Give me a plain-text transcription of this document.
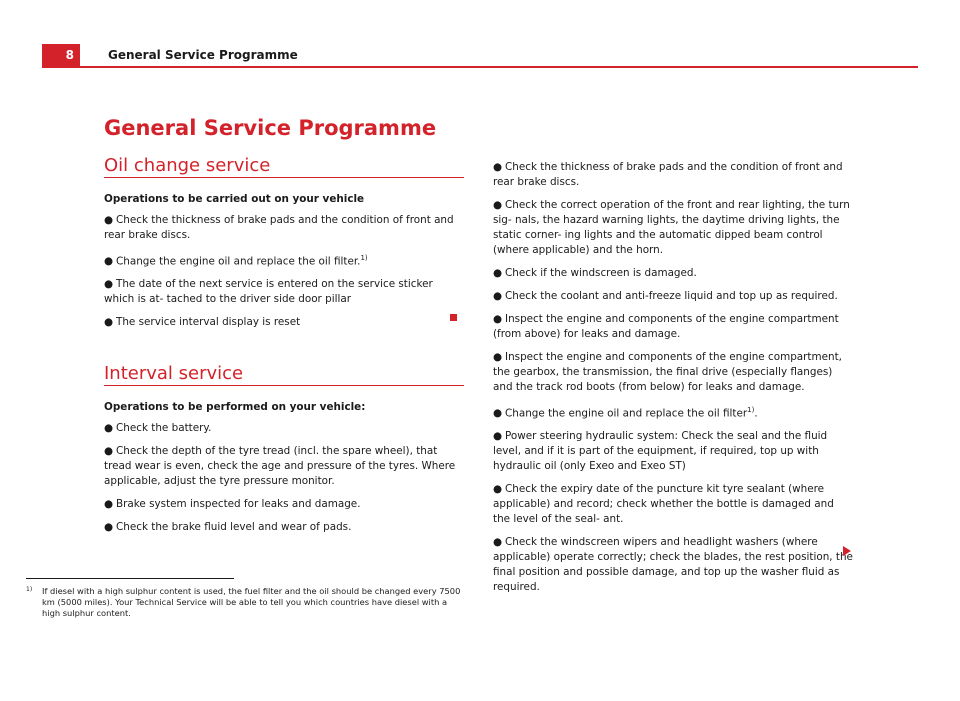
8	General Service Programme
General Service Programme
Oil change service
Operations to be carried out on your vehicle
● Check the thickness of brake pads and the condition of front and rear brake discs.
● Change the engine oil and replace the oil filter.$^{1)}$
● The date of the next service is entered on the service sticker which is at- tached to the driver side door pillar
● The service interval display is reset
Interval service
Operations to be performed on your vehicle:
● Check the battery.
● Check the depth of the tyre tread (incl. the spare wheel), that tread wear is even, check the age and pressure of the tyres. Where applicable, adjust the tyre pressure monitor.
● Brake system inspected for leaks and damage.
● Check the brake fluid level and wear of pads.
● Check the thickness of brake pads and the condition of front and rear brake discs.
● Check the correct operation of the front and rear lighting, the turn sig- nals, the hazard warning lights, the daytime driving lights, the static corner- ing lights and the automatic dipped beam control (where applicable) and the horn.
● Check if the windscreen is damaged.
● Check the coolant and anti-freeze liquid and top up as required.
● Inspect the engine and components of the engine compartment (from above) for leaks and damage.
● Inspect the engine and components of the engine compartment, the gearbox, the transmission, the final drive (especially flanges) and the track rod boots (from below) for leaks and damage.
● Change the engine oil and replace the oil filter$^{1)}$.
● Power steering hydraulic system: Check the seal and the fluid level, and if it is part of the equipment, if required, top up with hydraulic oil (only Exeo and Exeo ST)
● Check the expiry date of the puncture kit tyre sealant (where applicable) and record; check whether the bottle is damaged and the level of the seal- ant.
● Check the windscreen wipers and headlight washers (where applicable) operate correctly; check the blades, the rest position, the final position and possible damage, and top up the washer fluid as required.
1) If diesel with a high sulphur content is used, the fuel filter and the oil should be changed every 7500 km (5000 miles). Your Technical Service will be able to tell you which countries have diesel with a high sulphur content.
